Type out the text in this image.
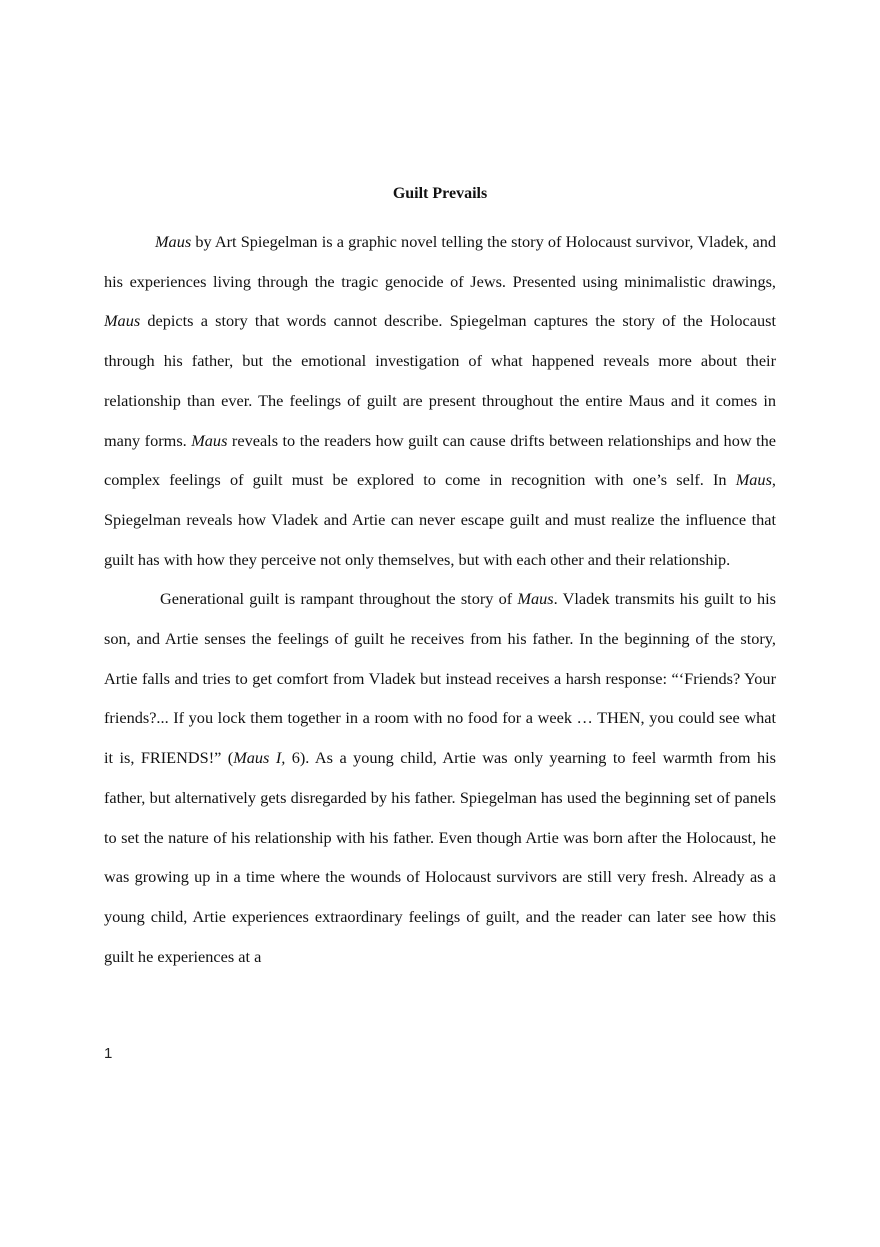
Guilt Prevails

Maus by Art Spiegelman is a graphic novel telling the story of Holocaust survivor, Vladek, and his experiences living through the tragic genocide of Jews. Presented using minimalistic drawings, Maus depicts a story that words cannot describe. Spiegelman captures the story of the Holocaust through his father, but the emotional investigation of what happened reveals more about their relationship than ever. The feelings of guilt are present throughout the entire Maus and it comes in many forms. Maus reveals to the readers how guilt can cause drifts between relationships and how the complex feelings of guilt must be explored to come in recognition with one’s self. In Maus, Spiegelman reveals how Vladek and Artie can never escape guilt and must realize the influence that guilt has with how they perceive not only themselves, but with each other and their relationship.

Generational guilt is rampant throughout the story of Maus. Vladek transmits his guilt to his son, and Artie senses the feelings of guilt he receives from his father. In the beginning of the story, Artie falls and tries to get comfort from Vladek but instead receives a harsh response: “‘Friends? Your friends?... If you lock them together in a room with no food for a week … THEN, you could see what it is, FRIENDS!” (Maus I, 6). As a young child, Artie was only yearning to feel warmth from his father, but alternatively gets disregarded by his father. Spiegelman has used the beginning set of panels to set the nature of his relationship with his father. Even though Artie was born after the Holocaust, he was growing up in a time where the wounds of Holocaust survivors are still very fresh. Already as a young child, Artie experiences extraordinary feelings of guilt, and the reader can later see how this guilt he experiences at a

1
